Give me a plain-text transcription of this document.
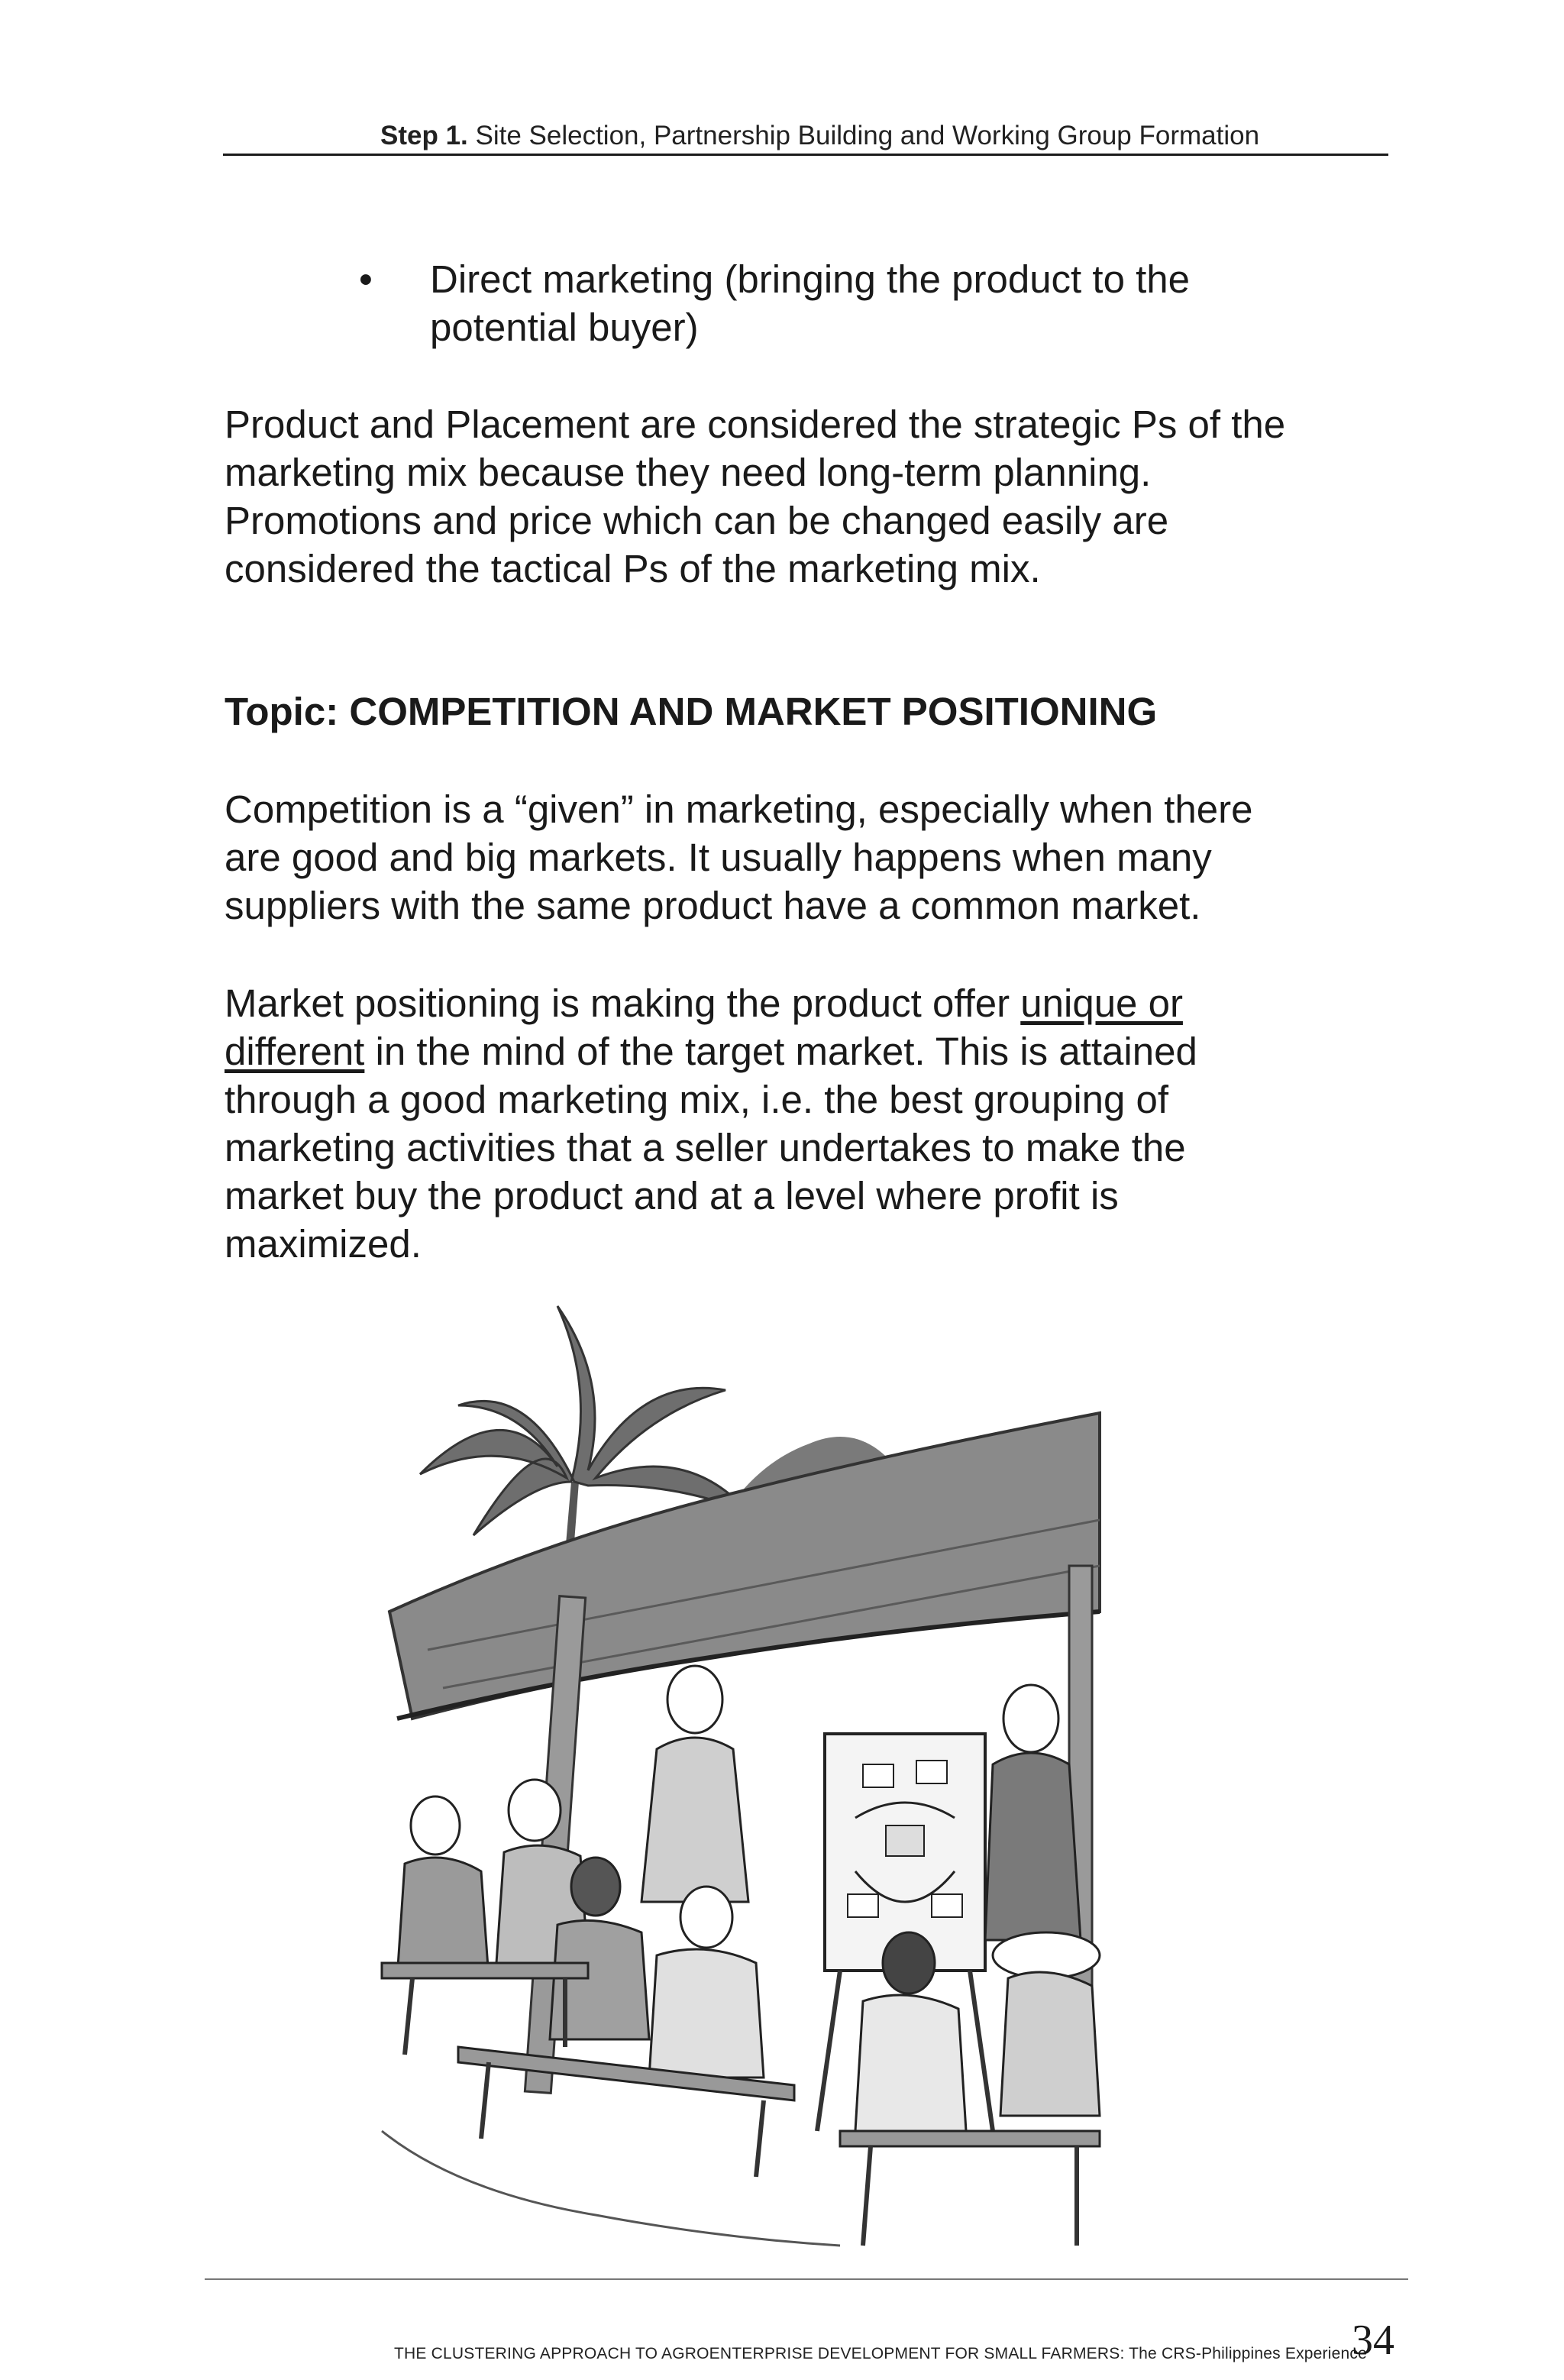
Step 1. Site Selection, Partnership Building and Working Group Formation
• Direct marketing (bringing the product to the
potential buyer)
Product and Placement are considered the strategic Ps of the
marketing mix because they need long-term planning.
Promotions and price which can be changed easily are
considered the tactical Ps of the marketing mix.
Topic: COMPETITION AND MARKET POSITIONING
Competition is a “given” in marketing, especially when there
are good and big markets. It usually happens when many
suppliers with the same product have a common market.
Market positioning is making the product offer unique or
different in the mind of the target market. This is attained
through a good marketing mix, i.e. the best grouping of
marketing activities that a seller undertakes to make the
market buy the product and at a level where profit is
maximized.
THE CLUSTERING APPROACH TO AGROENTERPRISE DEVELOPMENT FOR SMALL FARMERS: The CRS-Philippines Experience
34
